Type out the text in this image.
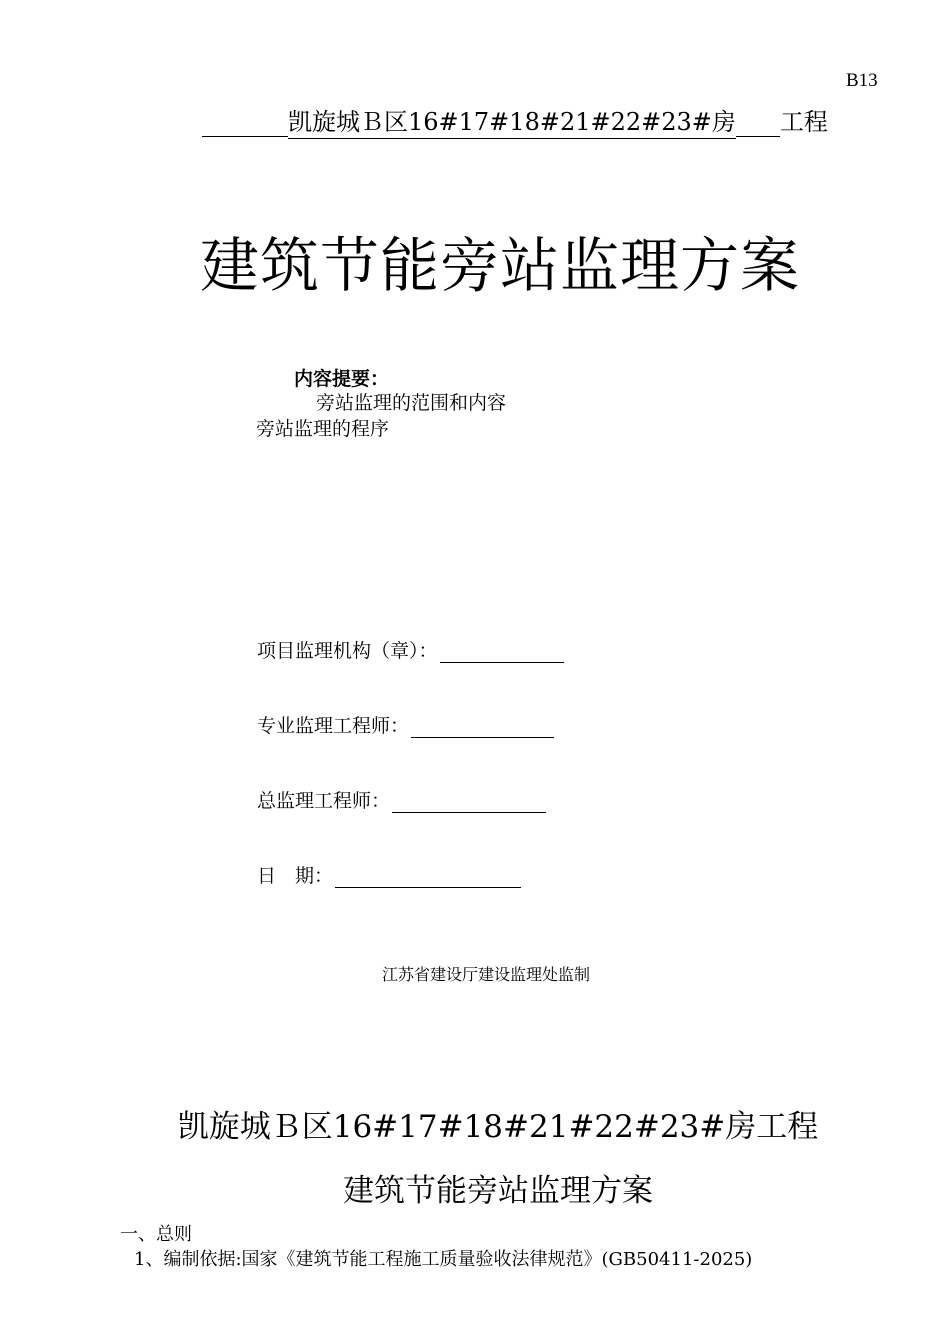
B13
凯旋城Ｂ区16#17#18#21#22#23#房 工程
建筑节能旁站监理方案
内容提要：
旁站监理的范围和内容
旁站监理的程序
项目监理机构（章）：
专业监理工程师：
总监理工程师：
日　期：
江苏省建设厅建设监理处监制
凯旋城Ｂ区16#17#18#21#22#23#房工程
建筑节能旁站监理方案
一、总则
1、编制依据:国家《建筑节能工程施工质量验收法律规范》(GB50411-2025)
